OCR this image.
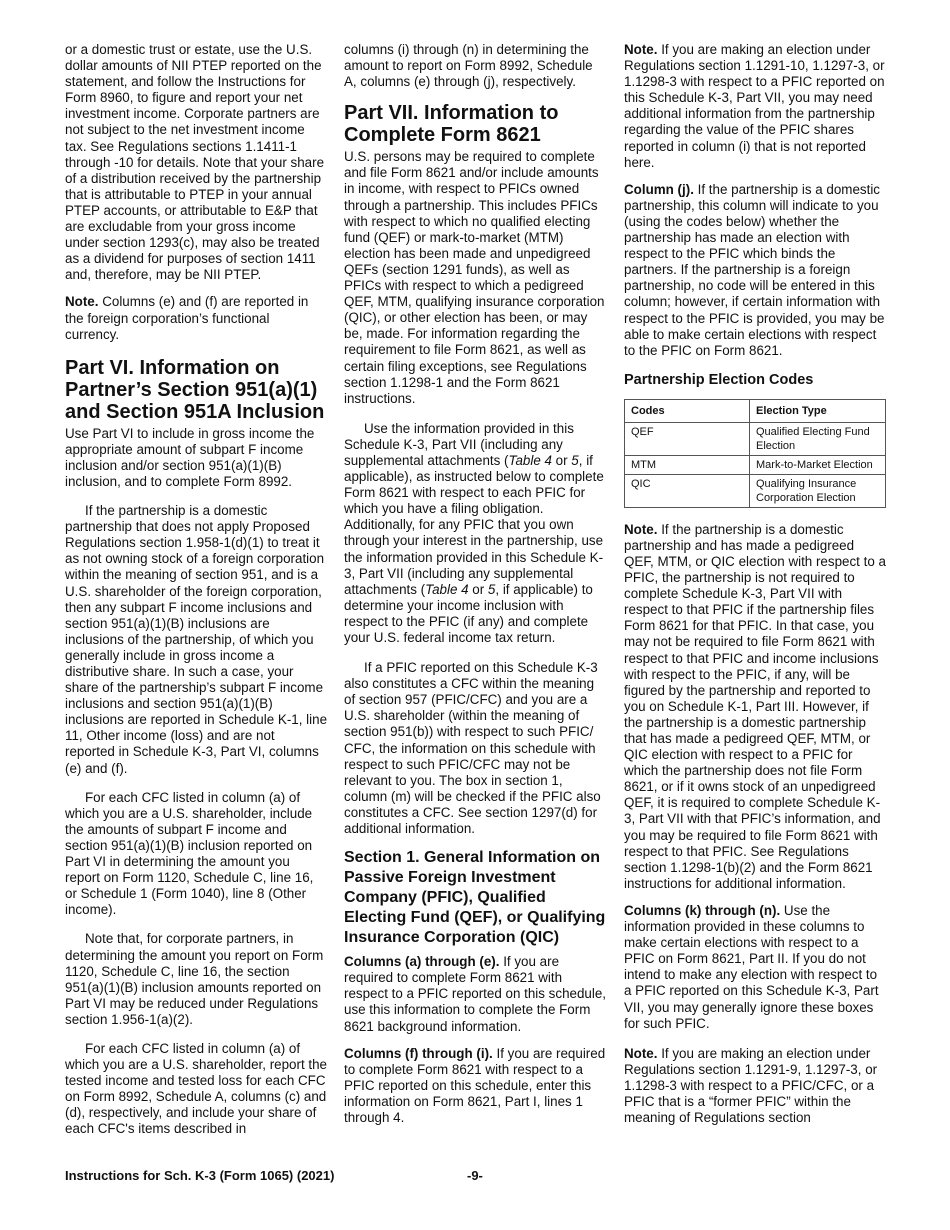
or a domestic trust or estate, use the U.S. dollar amounts of NII PTEP reported on the statement, and follow the Instructions for Form 8960, to figure and report your net investment income. Corporate partners are not subject to the net investment income tax. See Regulations sections 1.1411-1 through -10 for details. Note that your share of a distribution received by the partnership that is attributable to PTEP in your annual PTEP accounts, or attributable to E&P that are excludable from your gross income under section 1293(c), may also be treated as a dividend for purposes of section 1411 and, therefore, may be NII PTEP.

Note. Columns (e) and (f) are reported in the foreign corporation’s functional currency.

Part VI. Information on Partner’s Section 951(a)(1) and Section 951A Inclusion

Use Part VI to include in gross income the appropriate amount of subpart F income inclusion and/or section 951(a)(1)(B) inclusion, and to complete Form 8992.

If the partnership is a domestic partnership that does not apply Proposed Regulations section 1.958-1(d)(1) to treat it as not owning stock of a foreign corporation within the meaning of section 951, and is a U.S. shareholder of the foreign corporation, then any subpart F income inclusions and section 951(a)(1)(B) inclusions are inclusions of the partnership, of which you generally include in gross income a distributive share. In such a case, your share of the partnership’s subpart F income inclusions and section 951(a)(1)(B) inclusions are reported in Schedule K-1, line 11, Other income (loss) and are not reported in Schedule K-3, Part VI, columns (e) and (f).

For each CFC listed in column (a) of which you are a U.S. shareholder, include the amounts of subpart F income and section 951(a)(1)(B) inclusion reported on Part VI in determining the amount you report on Form 1120, Schedule C, line 16, or Schedule 1 (Form 1040), line 8 (Other income).

Note that, for corporate partners, in determining the amount you report on Form 1120, Schedule C, line 16, the section 951(a)(1)(B) inclusion amounts reported on Part VI may be reduced under Regulations section 1.956-1(a)(2).

For each CFC listed in column (a) of which you are a U.S. shareholder, report the tested income and tested loss for each CFC on Form 8992, Schedule A, columns (c) and (d), respectively, and include your share of each CFC's items described in

columns (i) through (n) in determining the amount to report on Form 8992, Schedule A, columns (e) through (j), respectively.

Part VII. Information to Complete Form 8621

U.S. persons may be required to complete and file Form 8621 and/or include amounts in income, with respect to PFICs owned through a partnership. This includes PFICs with respect to which no qualified electing fund (QEF) or mark-to-market (MTM) election has been made and unpedigreed QEFs (section 1291 funds), as well as PFICs with respect to which a pedigreed QEF, MTM, qualifying insurance corporation (QIC), or other election has been, or may be, made. For information regarding the requirement to file Form 8621, as well as certain filing exceptions, see Regulations section 1.1298-1 and the Form 8621 instructions.

Use the information provided in this Schedule K-3, Part VII (including any supplemental attachments (Table 4 or 5, if applicable), as instructed below to complete Form 8621 with respect to each PFIC for which you have a filing obligation. Additionally, for any PFIC that you own through your interest in the partnership, use the information provided in this Schedule K-3, Part VII (including any supplemental attachments (Table 4 or 5, if applicable) to determine your income inclusion with respect to the PFIC (if any) and complete your U.S. federal income tax return.

If a PFIC reported on this Schedule K-3 also constitutes a CFC within the meaning of section 957 (PFIC/CFC) and you are a U.S. shareholder (within the meaning of section 951(b)) with respect to such PFIC/ CFC, the information on this schedule with respect to such PFIC/CFC may not be relevant to you. The box in section 1, column (m) will be checked if the PFIC also constitutes a CFC. See section 1297(d) for additional information.

Section 1. General Information on Passive Foreign Investment Company (PFIC), Qualified Electing Fund (QEF), or Qualifying Insurance Corporation (QIC)

Columns (a) through (e). If you are required to complete Form 8621 with respect to a PFIC reported on this schedule, use this information to complete the Form 8621 background information.

Columns (f) through (i). If you are required to complete Form 8621 with respect to a PFIC reported on this schedule, enter this information on Form 8621, Part I, lines 1 through 4.

Note. If you are making an election under Regulations section 1.1291-10, 1.1297-3, or 1.1298-3 with respect to a PFIC reported on this Schedule K-3, Part VII, you may need additional information from the partnership regarding the value of the PFIC shares reported in column (i) that is not reported here.

Column (j). If the partnership is a domestic partnership, this column will indicate to you (using the codes below) whether the partnership has made an election with respect to the PFIC which binds the partners. If the partnership is a foreign partnership, no code will be entered in this column; however, if certain information with respect to the PFIC is provided, you may be able to make certain elections with respect to the PFIC on Form 8621.

Partnership Election Codes
Codes	Election Type
QEF	Qualified Electing Fund Election
MTM	Mark-to-Market Election
QIC	Qualifying Insurance Corporation Election

Note. If the partnership is a domestic partnership and has made a pedigreed QEF, MTM, or QIC election with respect to a PFIC, the partnership is not required to complete Schedule K-3, Part VII with respect to that PFIC if the partnership files Form 8621 for that PFIC. In that case, you may not be required to file Form 8621 with respect to that PFIC and income inclusions with respect to the PFIC, if any, will be figured by the partnership and reported to you on Schedule K-1, Part III. However, if the partnership is a domestic partnership that has made a pedigreed QEF, MTM, or QIC election with respect to a PFIC for which the partnership does not file Form 8621, or if it owns stock of an unpedigreed QEF, it is required to complete Schedule K-3, Part VII with that PFIC’s information, and you may be required to file Form 8621 with respect to that PFIC. See Regulations section 1.1298-1(b)(2) and the Form 8621 instructions for additional information.

Columns (k) through (n). Use the information provided in these columns to make certain elections with respect to a PFIC on Form 8621, Part II. If you do not intend to make any election with respect to a PFIC reported on this Schedule K-3, Part VII, you may generally ignore these boxes for such PFIC.

Note. If you are making an election under Regulations section 1.1291-9, 1.1297-3, or 1.1298-3 with respect to a PFIC/CFC, or a PFIC that is a “former PFIC” within the meaning of Regulations section

Instructions for Sch. K-3 (Form 1065) (2021)	-9-
